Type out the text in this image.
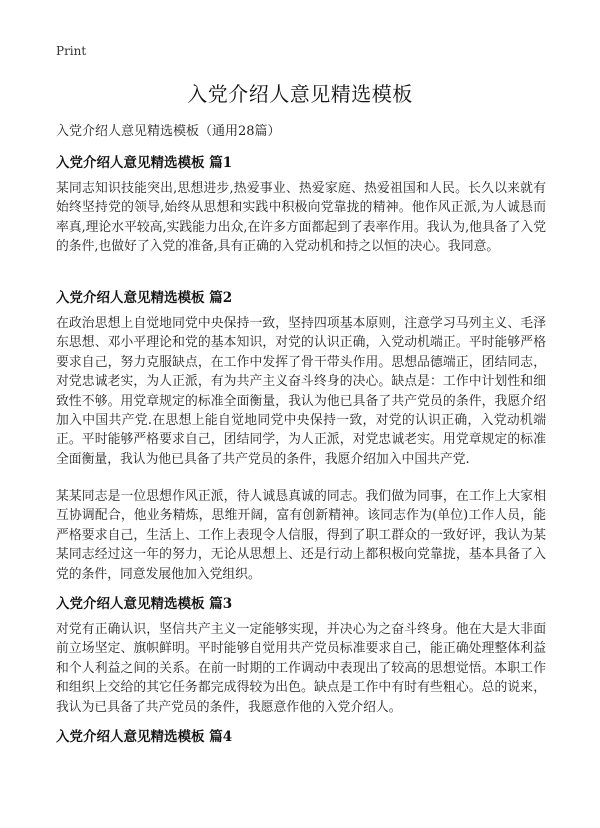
Print
入党介绍人意见精选模板
入党介绍人意见精选模板（通用28篇）
入党介绍人意见精选模板 篇1
某同志知识技能突出,思想进步,热爱事业、热爱家庭、热爱祖国和人民。长久以来就有始终坚持党的领导,始终从思想和实践中积极向党靠拢的精神。他作风正派,为人诚恳而率真,理论水平较高,实践能力出众,在许多方面都起到了表率作用。我认为,他具备了入党的条件,也做好了入党的准备,具有正确的入党动机和持之以恒的决心。我同意。
入党介绍人意见精选模板 篇2
在政治思想上自觉地同党中央保持一致，坚持四项基本原则，注意学习马列主义、毛泽东思想、邓小平理论和党的基本知识，对党的认识正确，入党动机端正。平时能够严格要求自己，努力克服缺点，在工作中发挥了骨干带头作用。思想品德端正，团结同志，对党忠诚老实，为人正派，有为共产主义奋斗终身的决心。缺点是：工作中计划性和细致性不够。用党章规定的标准全面衡量，我认为他已具备了共产党员的条件，我愿介绍加入中国共产党.在思想上能自觉地同党中央保持一致，对党的认识正确，入党动机端正。平时能够严格要求自己，团结同学，为人正派，对党忠诚老实。用党章规定的标准全面衡量，我认为他已具备了共产党员的条件，我愿介绍加入中国共产党.
某某同志是一位思想作风正派，待人诚恳真诚的同志。我们做为同事，在工作上大家相互协调配合，他业务精炼，思维开阔，富有创新精神。该同志作为(单位)工作人员，能严格要求自己，生活上、工作上表现令人信服，得到了职工群众的一致好评，我认为某某同志经过这一年的努力，无论从思想上、还是行动上都积极向党靠拢，基本具备了入党的条件，同意发展他加入党组织。
入党介绍人意见精选模板 篇3
对党有正确认识，坚信共产主义一定能够实现，并决心为之奋斗终身。他在大是大非面前立场坚定、旗帜鲜明。平时能够自觉用共产党员标准要求自己，能正确处理整体利益和个人利益之间的关系。在前一时期的工作调动中表现出了较高的思想觉悟。本职工作和组织上交给的其它任务都完成得较为出色。缺点是工作中有时有些粗心。总的说来，我认为已具备了共产党员的条件，我愿意作他的入党介绍人。
入党介绍人意见精选模板 篇4
